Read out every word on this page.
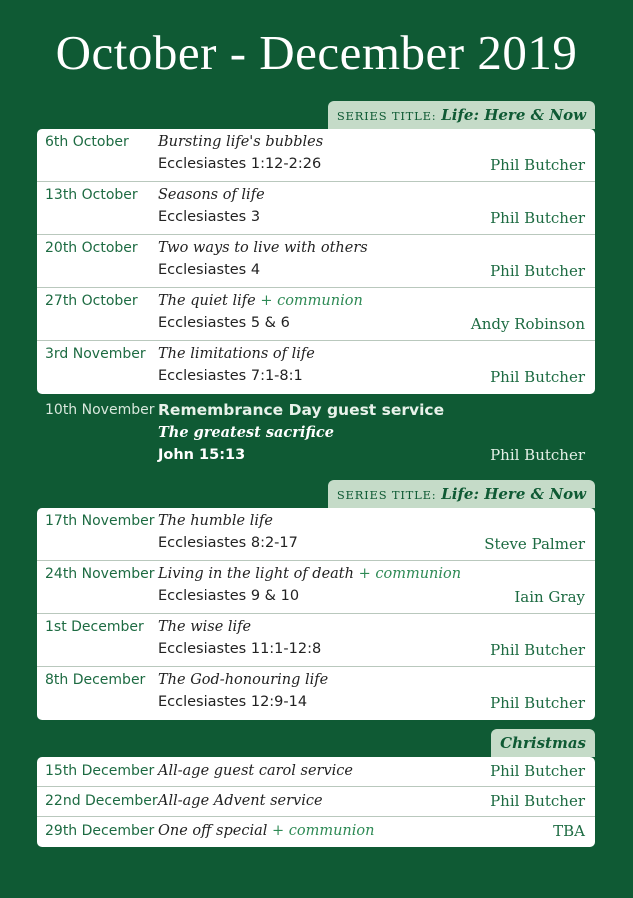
October - December 2019
SERIES TITLE: Life: Here & Now
6th October Bursting life's bubbles
Ecclesiastes 1:12-2:26	Phil Butcher
13th October Seasons of life
Ecclesiastes 3	Phil Butcher
20th October Two ways to live with others
Ecclesiastes 4	Phil Butcher
27th October The quiet life + communion
Ecclesiastes 5 & 6	Andy Robinson
3rd November The limitations of life
Ecclesiastes 7:1-8:1	Phil Butcher
10th November Remembrance Day guest service
The greatest sacrifice
John 15:13	Phil Butcher
SERIES TITLE: Life: Here & Now
17th November The humble life
Ecclesiastes 8:2-17	Steve Palmer
24th November Living in the light of death + communion
Ecclesiastes 9 & 10	Iain Gray
1st December The wise life
Ecclesiastes 11:1-12:8	Phil Butcher
8th December The God-honouring life
Ecclesiastes 12:9-14	Phil Butcher
Christmas
15th December All-age guest carol service	Phil Butcher
22nd December All-age Advent service	Phil Butcher
29th December One off special + communion	TBA
